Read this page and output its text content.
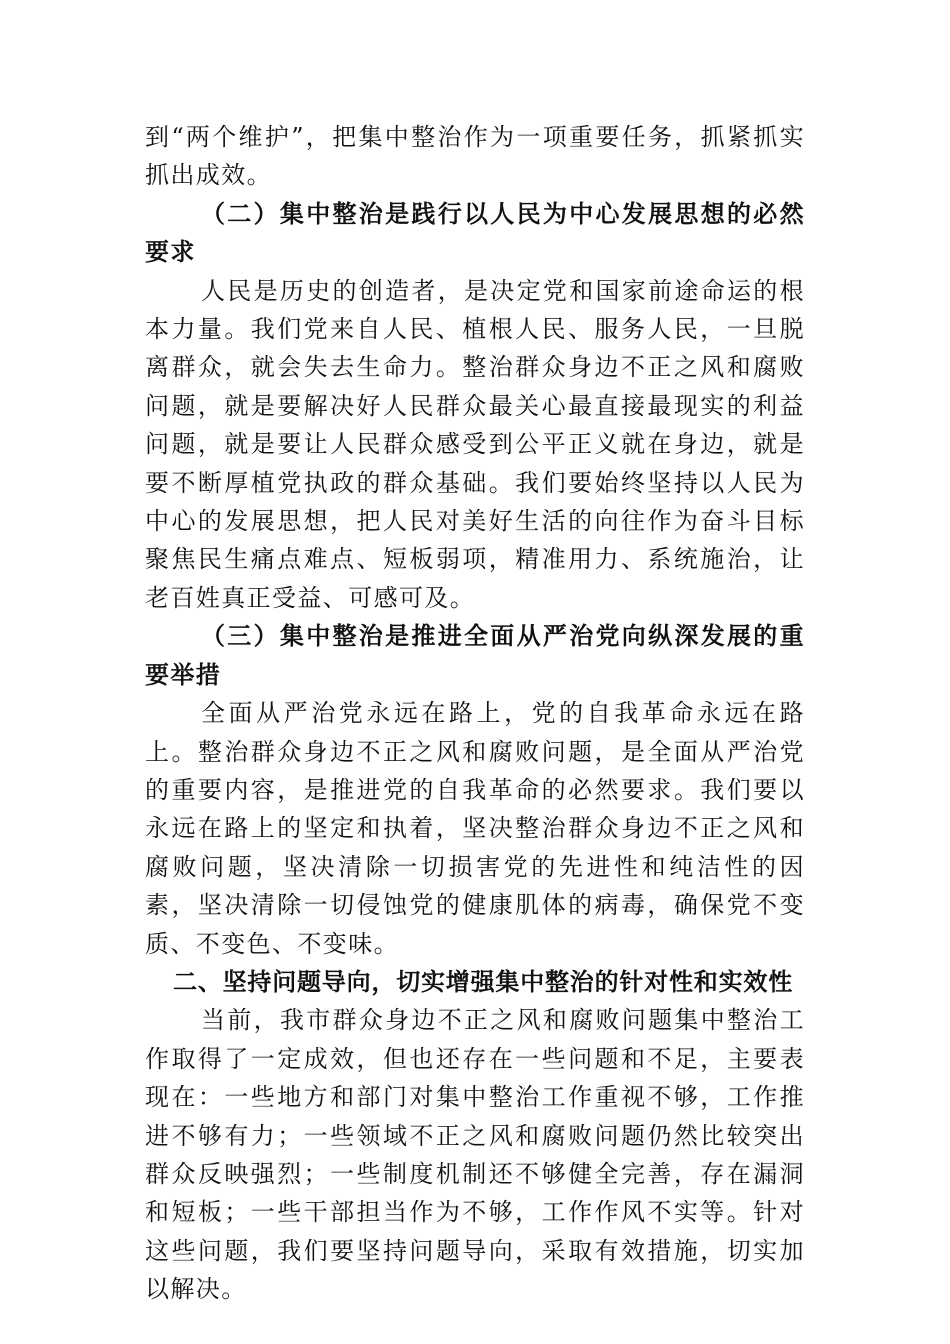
到“两个维护”，把集中整治作为一项重要任务，抓紧抓实抓出成效。

（二）集中整治是践行以人民为中心发展思想的必然要求

人民是历史的创造者，是决定党和国家前途命运的根本力量。我们党来自人民、植根人民、服务人民，一旦脱离群众，就会失去生命力。整治群众身边不正之风和腐败问题，就是要解决好人民群众最关心最直接最现实的利益问题，就是要让人民群众感受到公平正义就在身边，就是要不断厚植党执政的群众基础。我们要始终坚持以人民为中心的发展思想，把人民对美好生活的向往作为奋斗目标聚焦民生痛点难点、短板弱项，精准用力、系统施治，让老百姓真正受益、可感可及。

（三）集中整治是推进全面从严治党向纵深发展的重要举措

全面从严治党永远在路上，党的自我革命永远在路上。整治群众身边不正之风和腐败问题，是全面从严治党的重要内容，是推进党的自我革命的必然要求。我们要以永远在路上的坚定和执着，坚决整治群众身边不正之风和腐败问题，坚决清除一切损害党的先进性和纯洁性的因素，坚决清除一切侵蚀党的健康肌体的病毒，确保党不变质、不变色、不变味。

二、坚持问题导向，切实增强集中整治的针对性和实效性

当前，我市群众身边不正之风和腐败问题集中整治工作取得了一定成效，但也还存在一些问题和不足，主要表现在：一些地方和部门对集中整治工作重视不够，工作推进不够有力；一些领域不正之风和腐败问题仍然比较突出群众反映强烈；一些制度机制还不够健全完善，存在漏洞和短板；一些干部担当作为不够，工作作风不实等。针对这些问题，我们要坚持问题导向，采取有效措施，切实加以解决。
